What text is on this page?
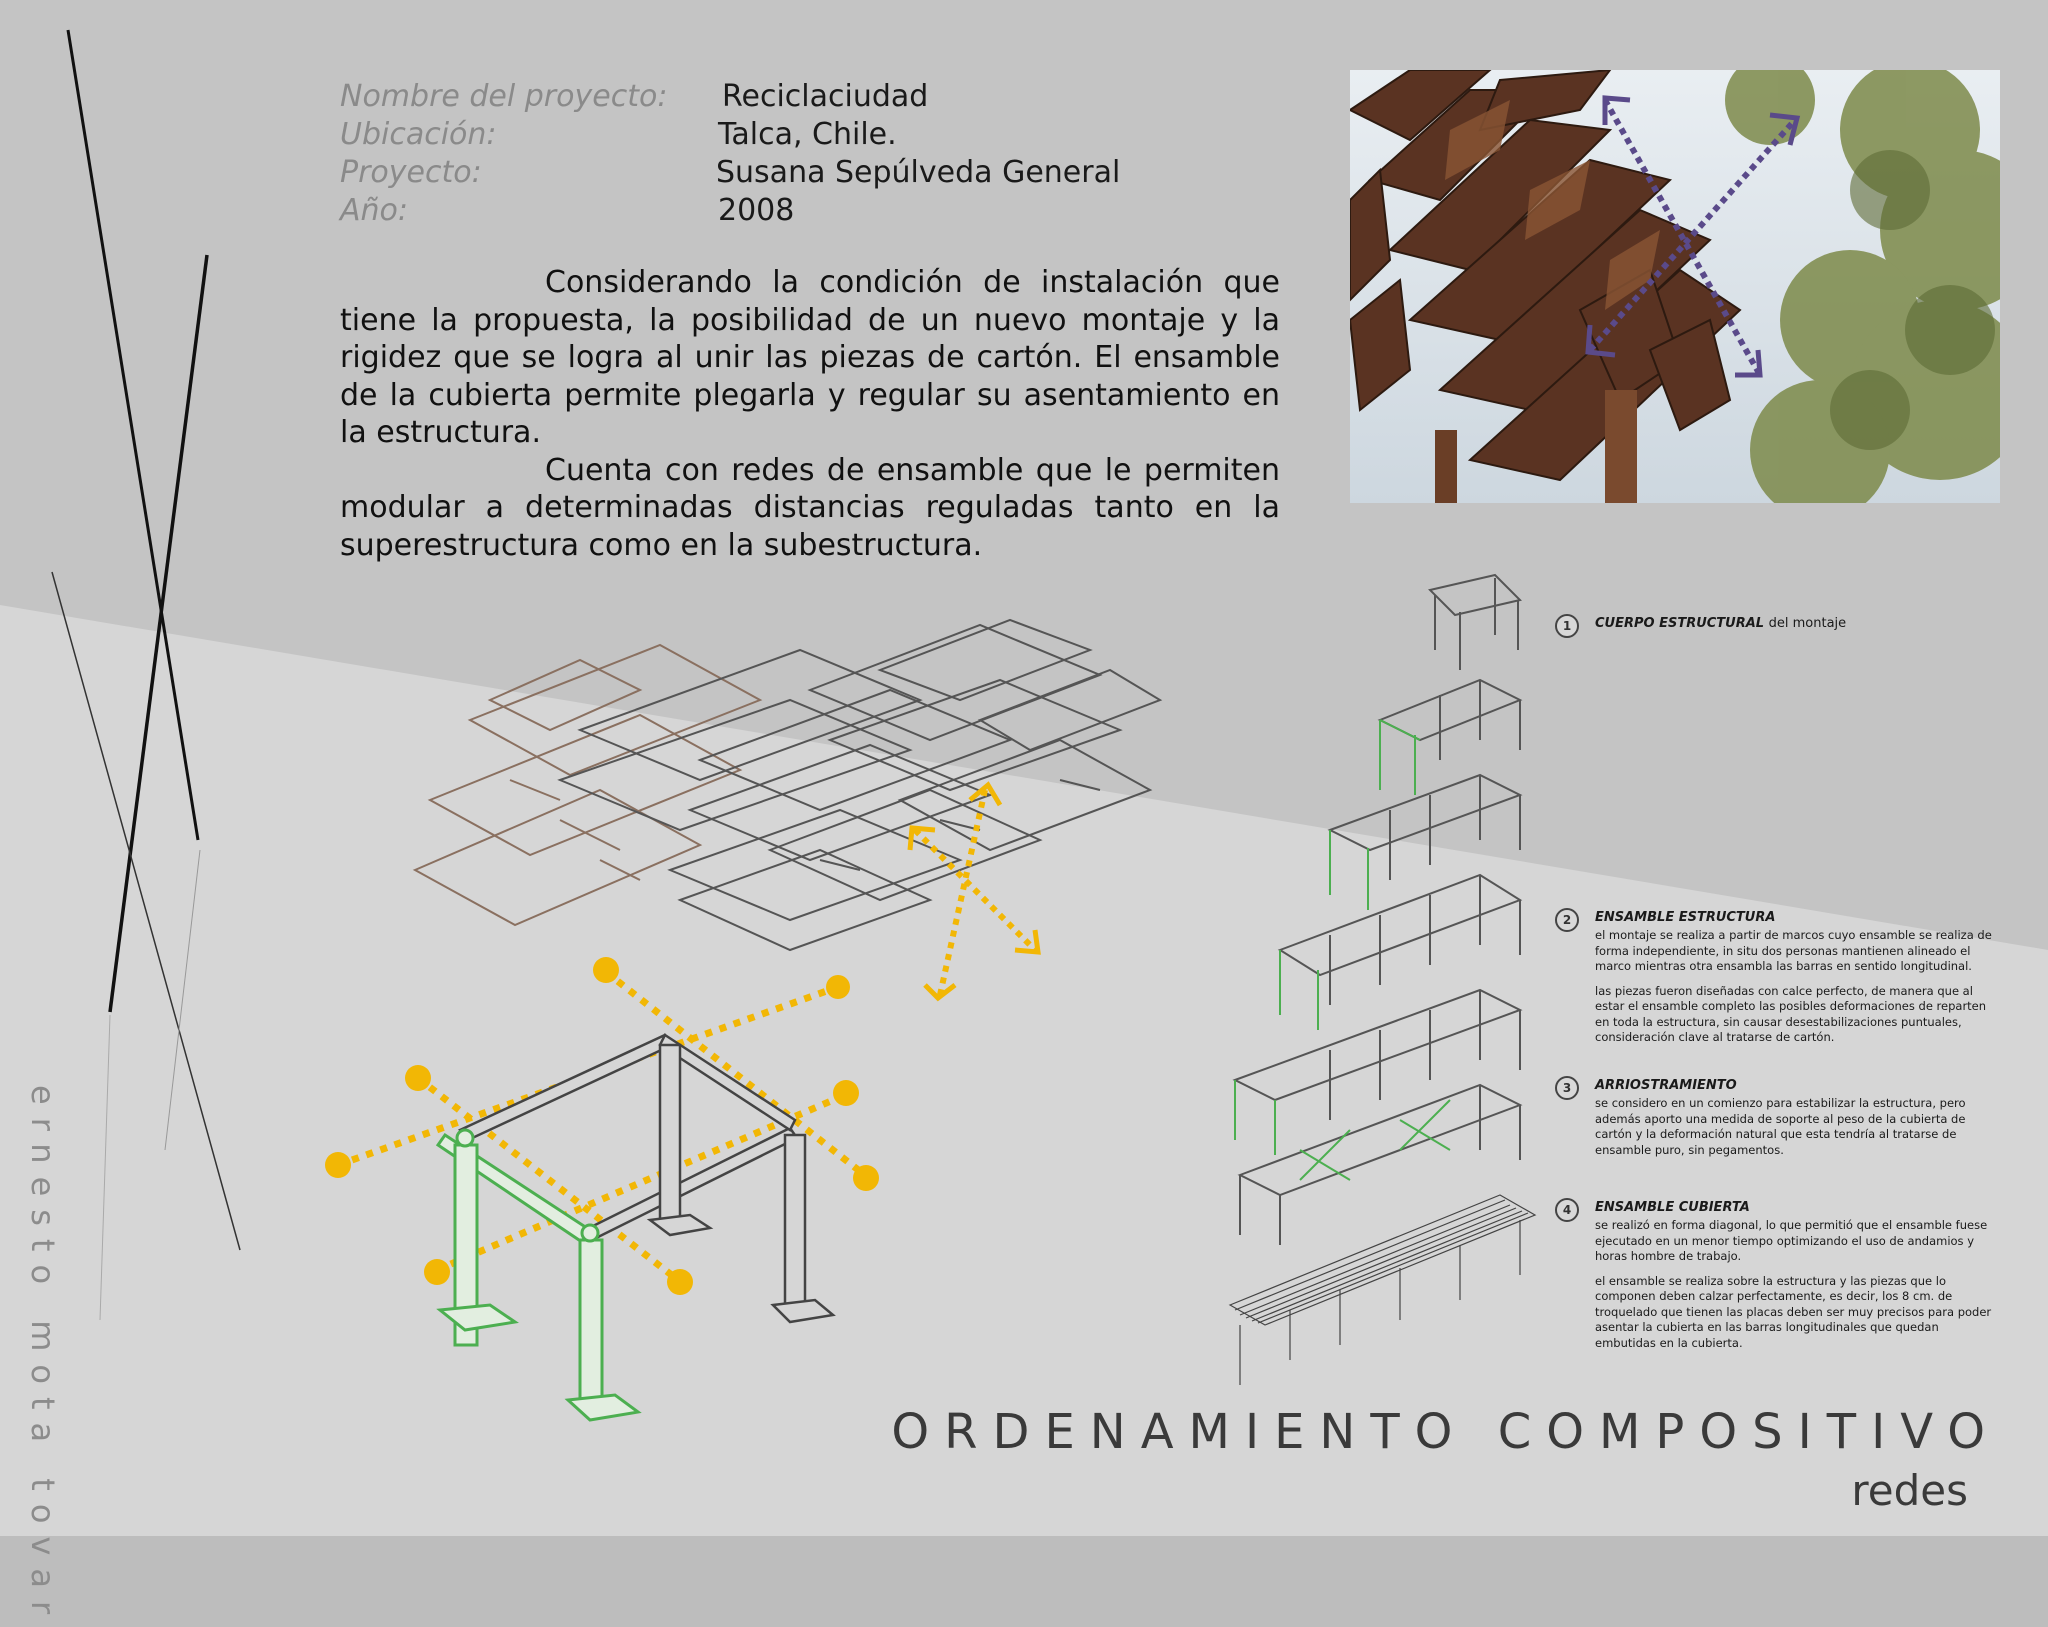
Nombre del proyecto: Reciclaciudad
Ubicación:	Talca, Chile.
Proyecto:	Susana Sepúlveda General
Año:	2008

Considerando la condición de instalación que tiene la propuesta, la posibilidad de un nuevo montaje y la rigidez que se logra al unir las piezas de cartón. El ensamble de la cubierta permite plegarla y regular su asentamiento en la estructura.

Cuenta con redes de ensamble que le permiten modular a determinadas distancias reguladas tanto en la superestructura como en la subestructura.

1	CUERPO ESTRUCTURAL del montaje
2	ENSAMBLE ESTRUCTURA

el montaje se realiza a partir de marcos cuyo ensamble se realiza de forma independiente, in situ dos personas mantienen alineado el marco mientras otra ensambla las barras en sentido longitudinal.

las piezas fueron diseñadas con calce perfecto, de manera que al estar el ensamble completo las posibles deformaciones de reparten en toda la estructura, sin causar desestabilizaciones puntuales, consideración clave al tratarse de cartón.

3	ARRIOSTRAMIENTO

se considero en un comienzo para estabilizar la estructura, pero además aporto una medida de soporte al peso de la cubierta de cartón y la deformación natural que esta tendría al tratarse de ensamble puro, sin pegamentos.

4	ENSAMBLE CUBIERTA

se realizó en forma diagonal, lo que permitió que el ensamble fuese ejecutado en un menor tiempo optimizando el uso de andamios y horas hombre de trabajo.

el ensamble se realiza sobre la estructura y las piezas que lo componen deben calzar perfectamente, es decir, los 8 cm. de troquelado que tienen las placas deben ser muy precisos para poder asentar la cubierta en las barras longitudinales que quedan embutidas en la cubierta.

ORDENAMIENTO COMPOSITIVO
redes
ernesto mota tovar
